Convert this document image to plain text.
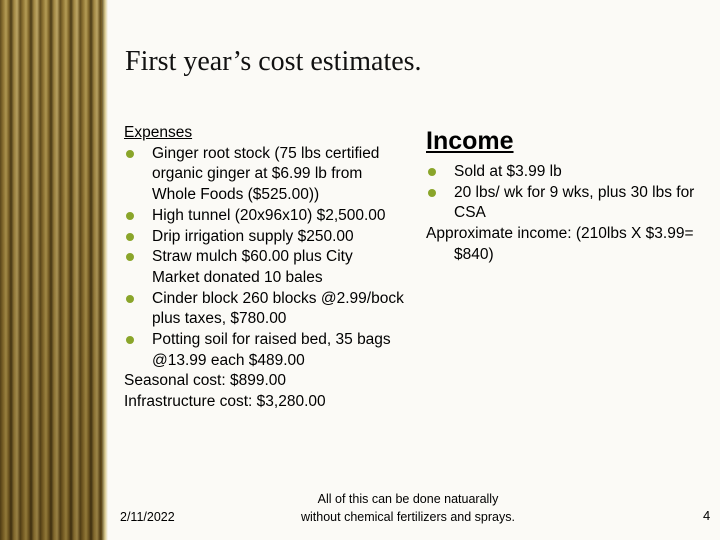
First year’s cost estimates.
Expenses
Ginger root stock (75 lbs certified organic ginger at $6.99 lb from Whole Foods ($525.00))
High tunnel (20x96x10) $2,500.00
Drip irrigation supply $250.00
Straw mulch $60.00 plus City Market donated 10 bales
Cinder block 260 blocks @2.99/bock plus taxes, $780.00
Potting soil for raised bed, 35 bags @13.99 each $489.00
Seasonal cost: $899.00
Infrastructure cost: $3,280.00
Income
Sold at $3.99 lb
20 lbs/ wk for 9 wks, plus 30 lbs for CSA
Approximate income: (210lbs X $3.99= $840)
2/11/2022
All of this can be done natuarally without chemical fertilizers and sprays.	4
